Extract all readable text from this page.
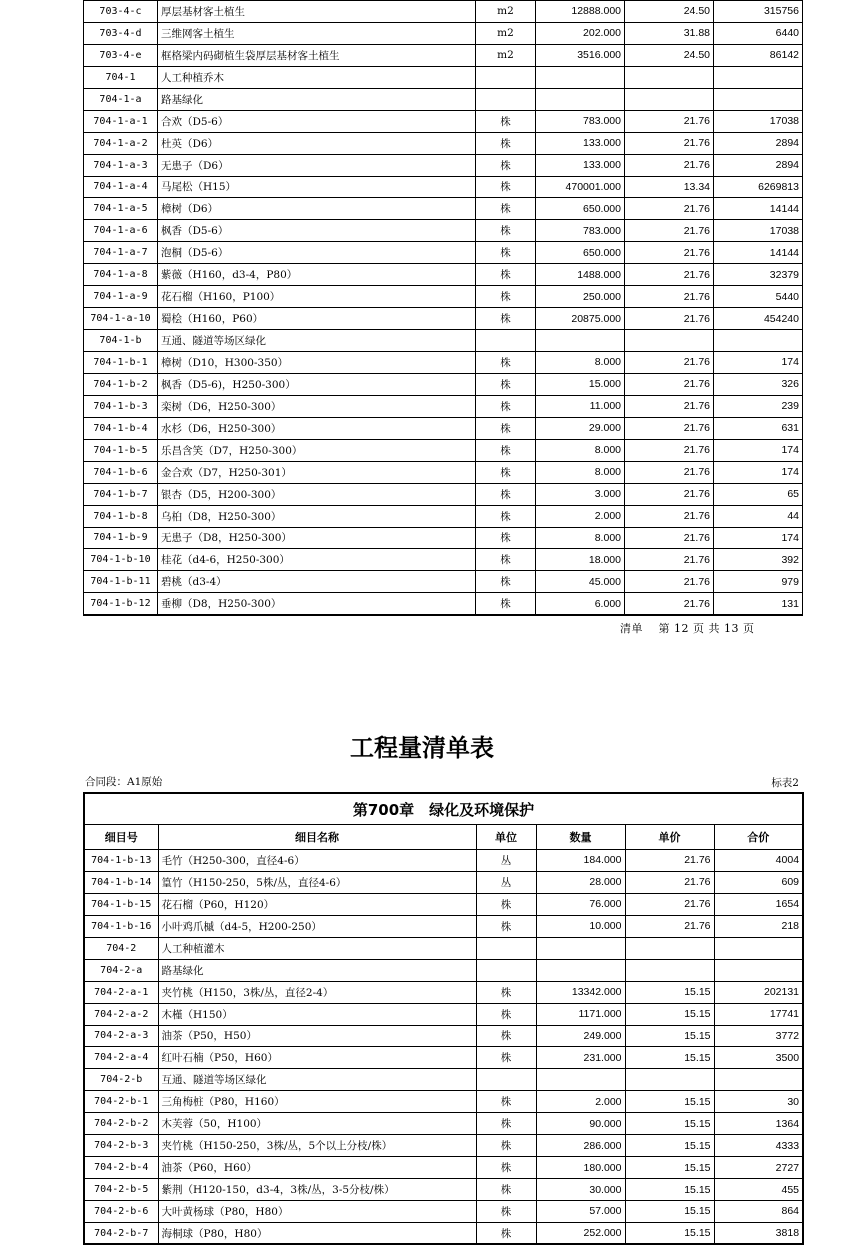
703-4-c	厚层基材客土植生	m2	12888.000	24.50	315756
703-4-d	三维网客土植生	m2	202.000	31.88	6440
703-4-e	框格梁内码砌植生袋厚层基材客土植生	m2	3516.000	24.50	86142
704-1	人工种植乔木				
704-1-a	路基绿化				
704-1-a-1	合欢（D5-6）	株	783.000	21.76	17038
704-1-a-2	杜英（D6）	株	133.000	21.76	2894
704-1-a-3	无患子（D6）	株	133.000	21.76	2894
704-1-a-4	马尾松（H15）	株	470001.000	13.34	6269813
704-1-a-5	樟树（D6）	株	650.000	21.76	14144
704-1-a-6	枫香（D5-6）	株	783.000	21.76	17038
704-1-a-7	泡桐（D5-6）	株	650.000	21.76	14144
704-1-a-8	紫薇（H160，d3-4，P80）	株	1488.000	21.76	32379
704-1-a-9	花石榴（H160，P100）	株	250.000	21.76	5440
704-1-a-10	蜀桧（H160，P60）	株	20875.000	21.76	454240
704-1-b	互通、隧道等场区绿化				
704-1-b-1	樟树（D10，H300-350）	株	8.000	21.76	174
704-1-b-2	枫香（D5-6)，H250-300）	株	15.000	21.76	326
704-1-b-3	栾树（D6，H250-300）	株	11.000	21.76	239
704-1-b-4	水杉（D6，H250-300）	株	29.000	21.76	631
704-1-b-5	乐昌含笑（D7，H250-300）	株	8.000	21.76	174
704-1-b-6	金合欢（D7，H250-301）	株	8.000	21.76	174
704-1-b-7	银杏（D5，H200-300）	株	3.000	21.76	65
704-1-b-8	乌桕（D8，H250-300）	株	2.000	21.76	44
704-1-b-9	无患子（D8，H250-300）	株	8.000	21.76	174
704-1-b-10	桂花（d4-6，H250-300）	株	18.000	21.76	392
704-1-b-11	碧桃（d3-4）	株	45.000	21.76	979
704-1-b-12	垂柳（D8，H250-300）	株	6.000	21.76	131
清单　 第 12 页 共 13 页
工程量清单表
合同段：A1原始	标表2
第700章　绿化及环境保护					
细目号	细目名称	单位	数量	单价	合价
704-1-b-13	毛竹（H250-300，直径4-6）	丛	184.000	21.76	4004
704-1-b-14	篁竹（H150-250，5株/丛，直径4-6）	丛	28.000	21.76	609
704-1-b-15	花石榴（P60，H120）	株	76.000	21.76	1654
704-1-b-16	小叶鸡爪槭（d4-5，H200-250）	株	10.000	21.76	218
704-2	人工种植灌木				
704-2-a	路基绿化				
704-2-a-1	夹竹桃（H150，3株/丛，直径2-4）	株	13342.000	15.15	202131
704-2-a-2	木槿（H150）	株	1171.000	15.15	17741
704-2-a-3	油茶（P50，H50）	株	249.000	15.15	3772
704-2-a-4	红叶石楠（P50，H60）	株	231.000	15.15	3500
704-2-b	互通、隧道等场区绿化				
704-2-b-1	三角梅桩（P80，H160）	株	2.000	15.15	30
704-2-b-2	木芙蓉（50，H100）	株	90.000	15.15	1364
704-2-b-3	夹竹桃（H150-250，3株/丛，5个以上分枝/株）	株	286.000	15.15	4333
704-2-b-4	油茶（P60，H60）	株	180.000	15.15	2727
704-2-b-5	紫荆（H120-150，d3-4，3株/丛，3-5分枝/株）	株	30.000	15.15	455
704-2-b-6	大叶黄杨球（P80，H80）	株	57.000	15.15	864
704-2-b-7	海桐球（P80，H80）	株	252.000	15.15	3818
